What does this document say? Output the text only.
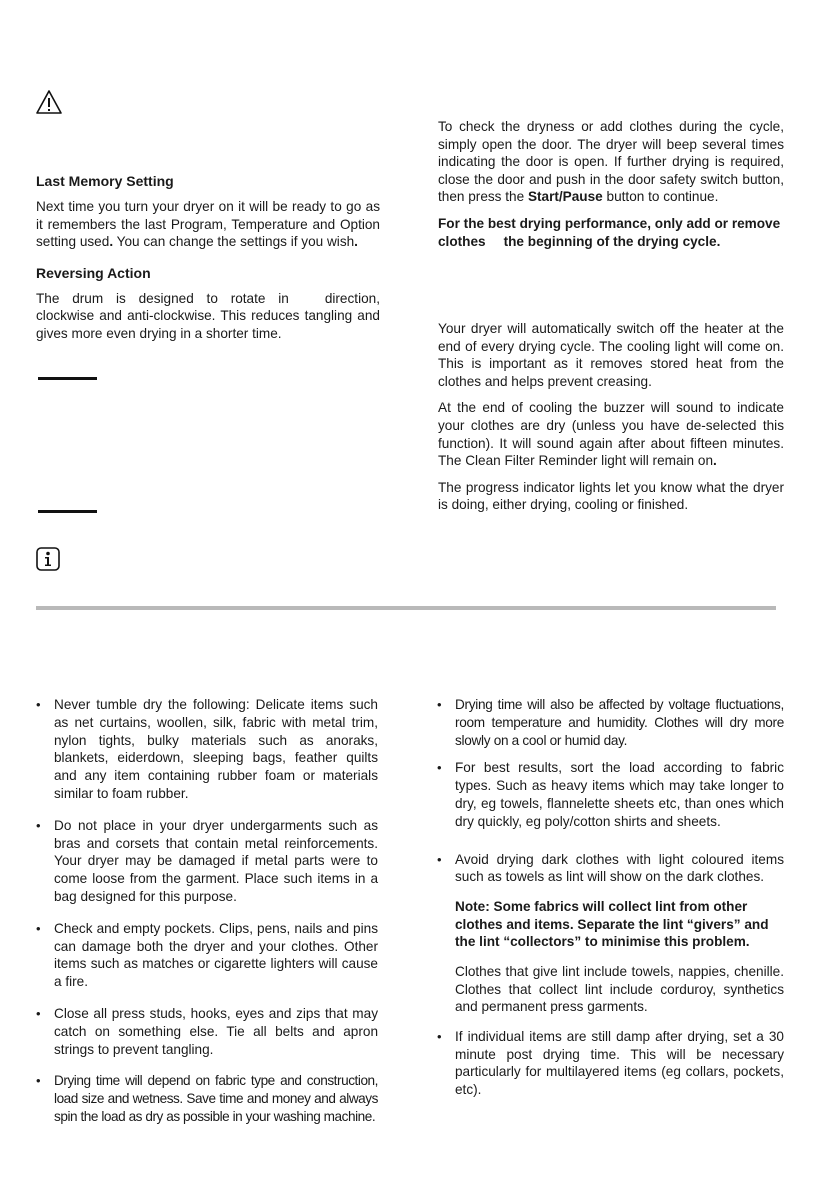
Last Memory Setting

Next time you turn your dryer on it will be ready to go as it remembers the last Program, Temperature and Option setting used. You can change the settings if you wish.

Reversing Action

The drum is designed to rotate in	direction, clockwise and anti-clockwise. This reduces tangling and gives more even drying in a shorter time.

To check the dryness or add clothes during the cycle, simply open the door. The dryer will beep several times indicating the door is open. If further drying is required, close the door and push in the door safety switch button, then press the Start/Pause button to continue.

For the best drying performance, only add or remove clothes the beginning of the drying cycle.

Your dryer will automatically switch off the heater at the end of every drying cycle. The cooling light will come on. This is important as it removes stored heat from the clothes and helps prevent creasing.

At the end of cooling the buzzer will sound to indicate your clothes are dry (unless you have de-selected this function). It will sound again after about fifteen minutes. The Clean Filter Reminder light will remain on.

The progress indicator lights let you know what the dryer is doing, either drying, cooling or finished.

• Never tumble dry the following: Delicate items such as net curtains, woollen, silk, fabric with metal trim, nylon tights, bulky materials such as anoraks, blankets, eiderdown, sleeping bags, feather quilts and any item containing rubber foam or materials similar to foam rubber.
• Do not place in your dryer undergarments such as bras and corsets that contain metal reinforcements. Your dryer may be damaged if metal parts were to come loose from the garment. Place such items in a bag designed for this purpose.
• Check and empty pockets. Clips, pens, nails and pins can damage both the dryer and your clothes. Other items such as matches or cigarette lighters will cause a fire.
• Close all press studs, hooks, eyes and zips that may catch on something else. Tie all belts and apron strings to prevent tangling.
• Drying time will depend on fabric type and construction, load size and wetness. Save time and money and always spin the load as dry as possible in your washing machine.
• Drying time will also be affected by voltage fluctuations, room temperature and humidity. Clothes will dry more slowly on a cool or humid day.
• For best results, sort the load according to fabric types. Such as heavy items which may take longer to dry, eg towels, flannelette sheets etc, than ones which dry quickly, eg poly/cotton shirts and sheets.
• Avoid drying dark clothes with light coloured items such as towels as lint will show on the dark clothes.

Note: Some fabrics will collect lint from other clothes and items. Separate the lint “givers” and the lint “collectors” to minimise this problem.

Clothes that give lint include towels, nappies, chenille. Clothes that collect lint include corduroy, synthetics and permanent press garments.

• If individual items are still damp after drying, set a 30 minute post drying time. This will be necessary particularly for multilayered items (eg collars, pockets, etc).
